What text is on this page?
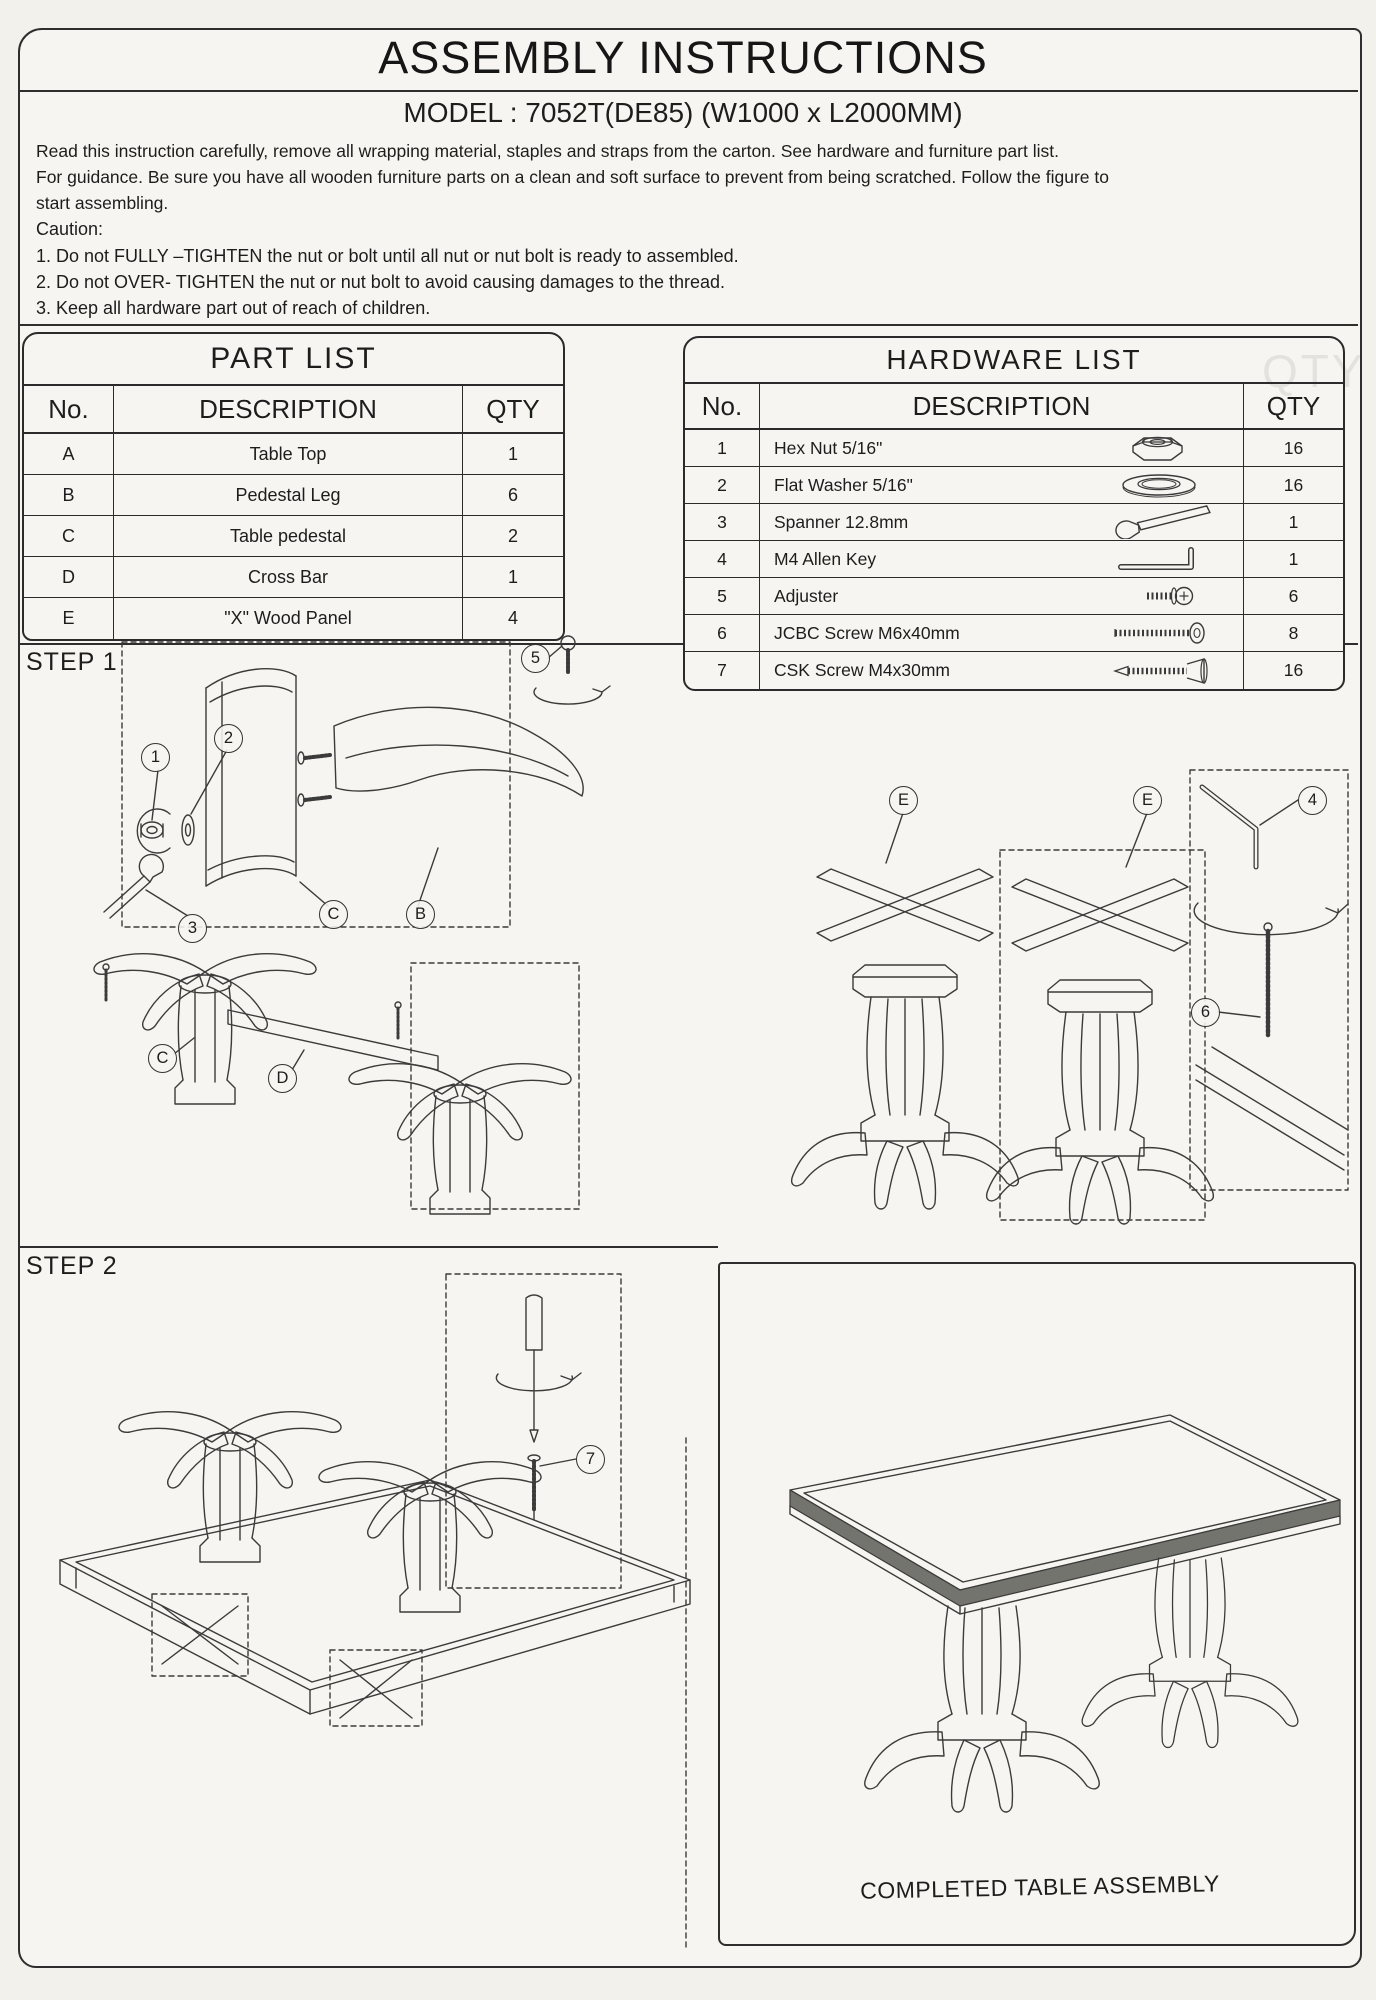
ASSEMBLY INSTRUCTIONS
MODEL : 7052T(DE85) (W1000 x L2000MM)
Read this instruction carefully, remove all wrapping material, staples and straps from the carton. See hardware and furniture part list.
For guidance. Be sure you have all wooden furniture parts on a clean and soft surface to prevent from being scratched. Follow the figure to
start assembling.
Caution:
1. Do not FULLY –TIGHTEN the nut or bolt until all nut or nut bolt is ready to assembled.
2. Do not OVER- TIGHTEN the nut or nut bolt to avoid causing damages to the thread.
3. Keep all hardware part out of reach of children.
PART LIST
No.	DESCRIPTION	QTY
A	Table Top	1
B	Pedestal Leg	6
C	Table pedestal	2
D	Cross Bar	1
E	"X" Wood Panel	4
HARDWARE LIST
No.	DESCRIPTION	QTY
1	Hex Nut 5/16"	16
2	Flat Washer 5/16"	16
3	Spanner 12.8mm	1
4	M4 Allen Key	1
5	Adjuster	6
6	JCBC Screw M6x40mm	8
7	CSK Screw M4x30mm	16
QTY
STEP 1
STEP 2
1
2
3
C	B
5
C
D
E	E	4
6
7
COMPLETED TABLE ASSEMBLY
